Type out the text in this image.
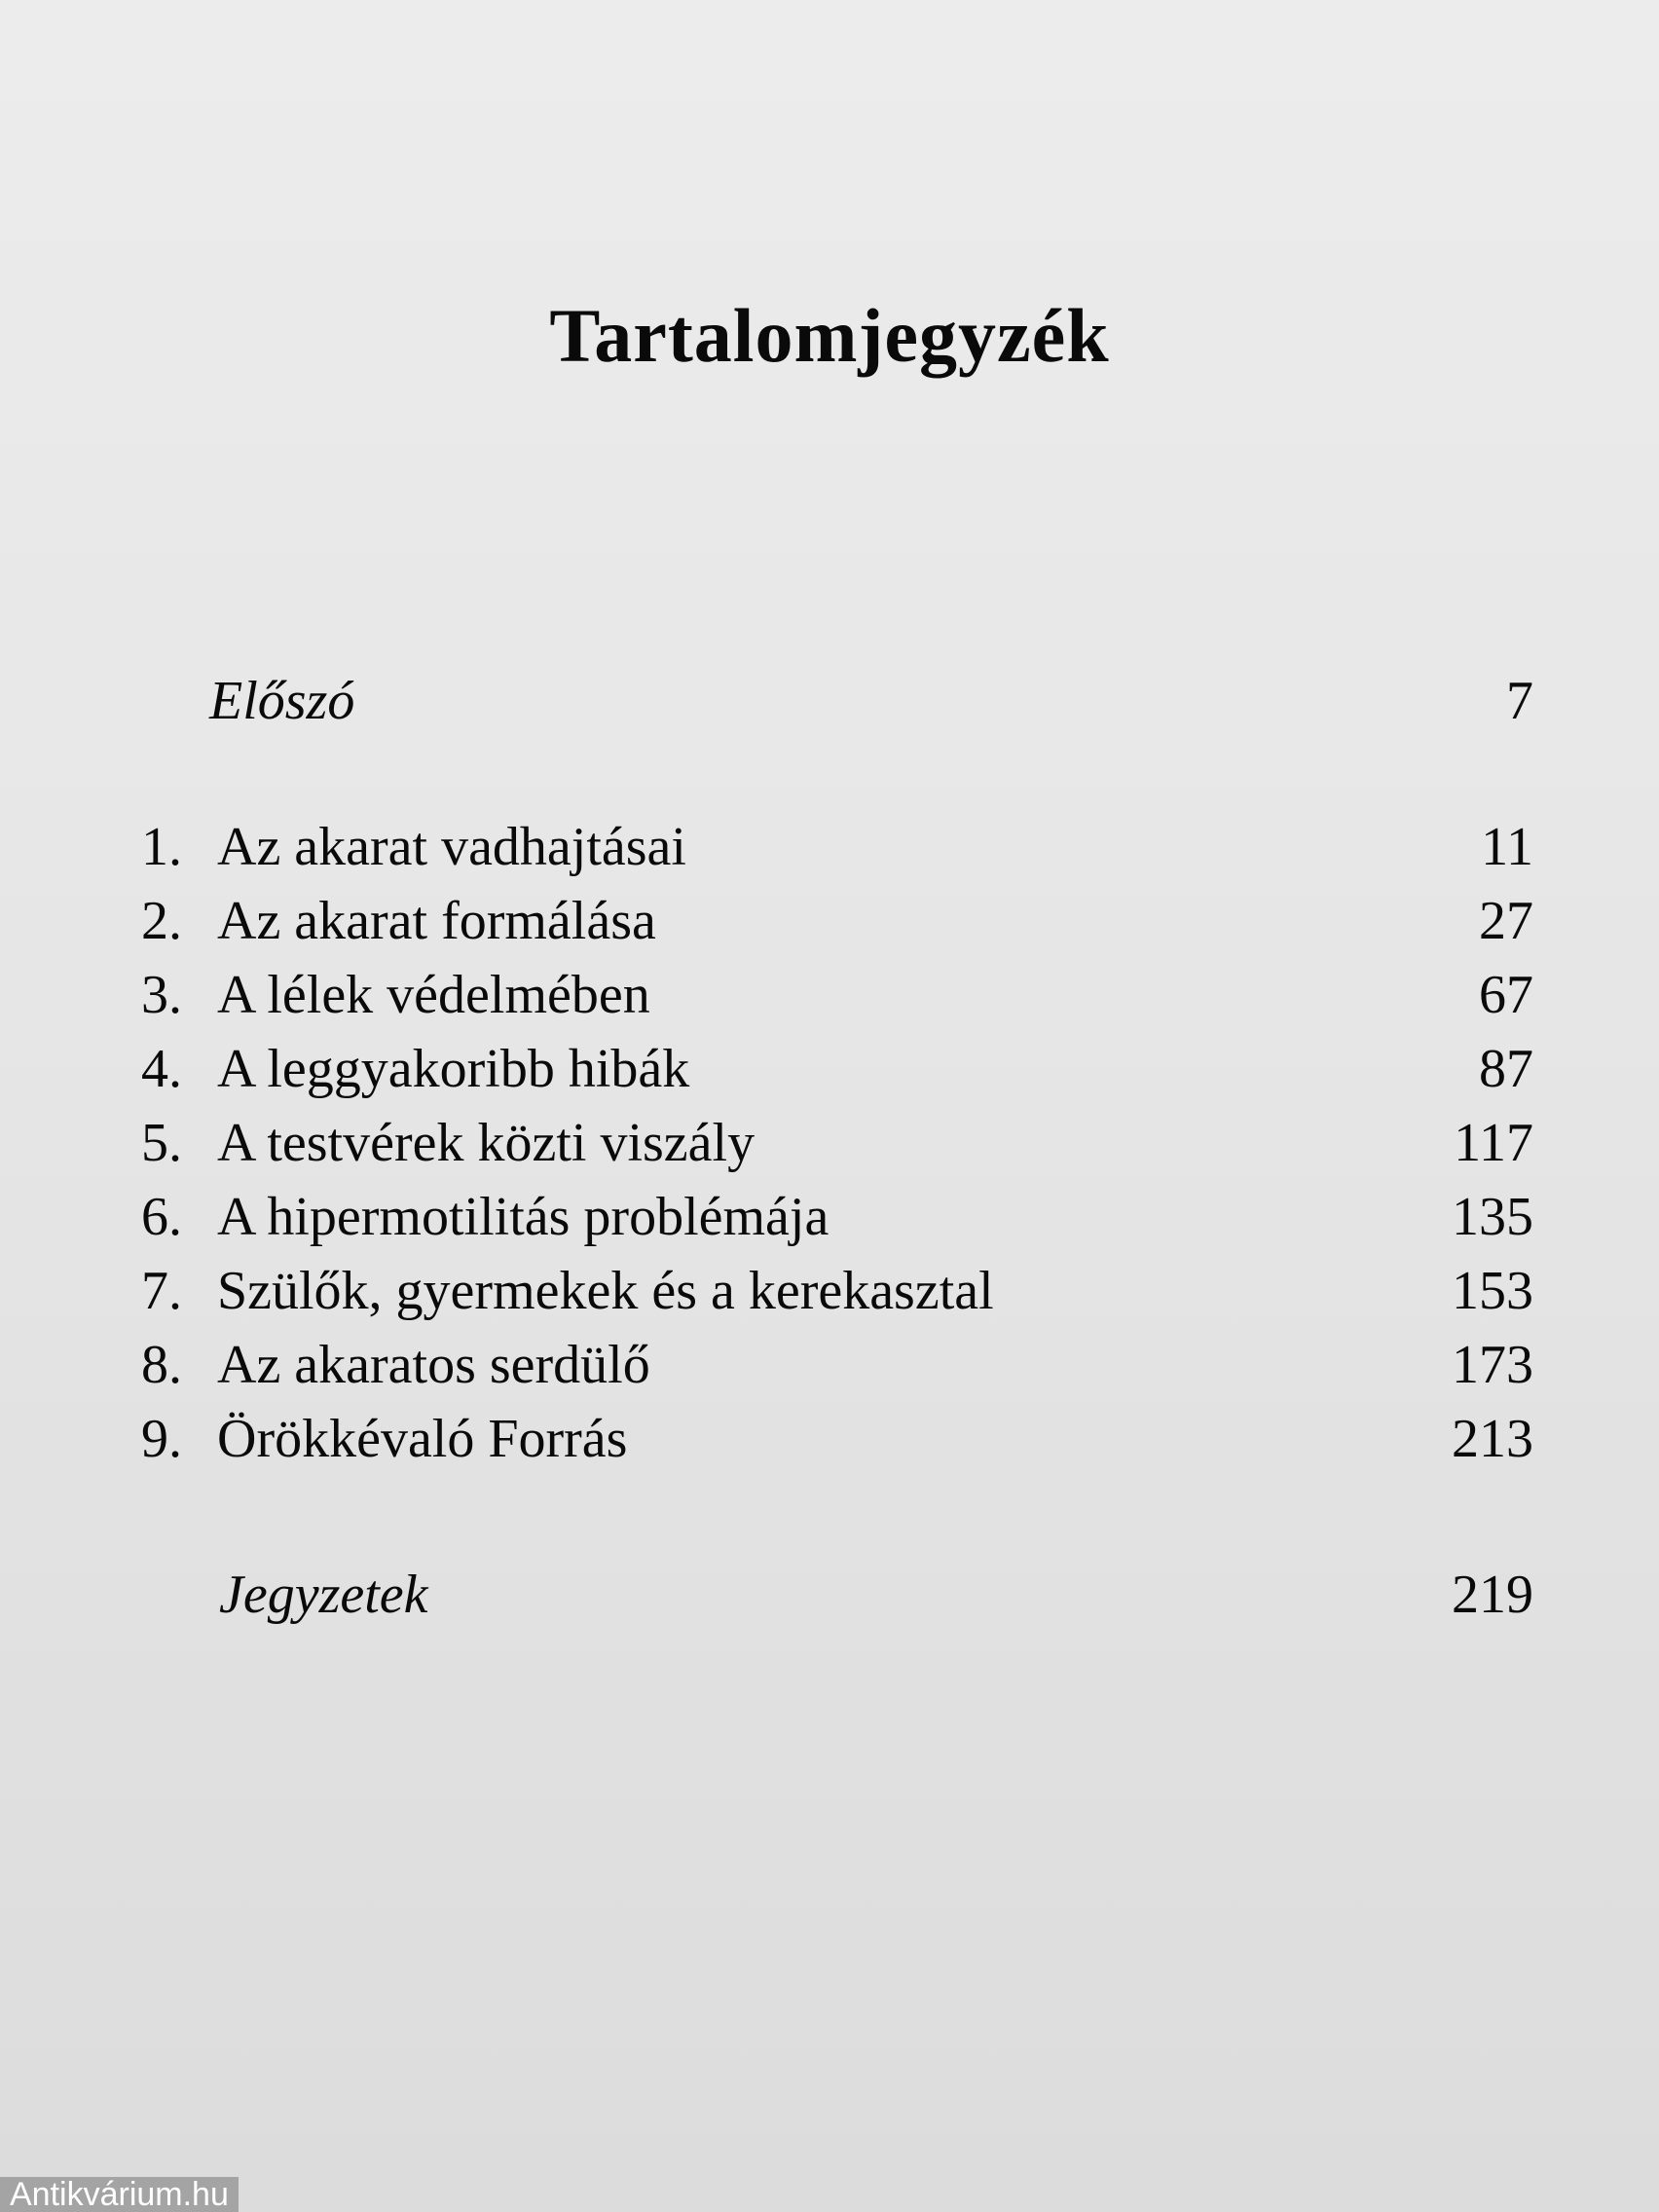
Tartalomjegyzék
Előszó	7
1. Az akarat vadhajtásai	11
2. Az akarat formálása	27
3. A lélek védelmében	67
4. A leggyakoribb hibák	87
5. A testvérek közti viszály	117
6. A hipermotilitás problémája	135
7. Szülők, gyermekek és a kerekasztal	153
8. Az akaratos serdülő	173
9. Örökkévaló Forrás	213
Jegyzetek	219
Antikvárium.hu
